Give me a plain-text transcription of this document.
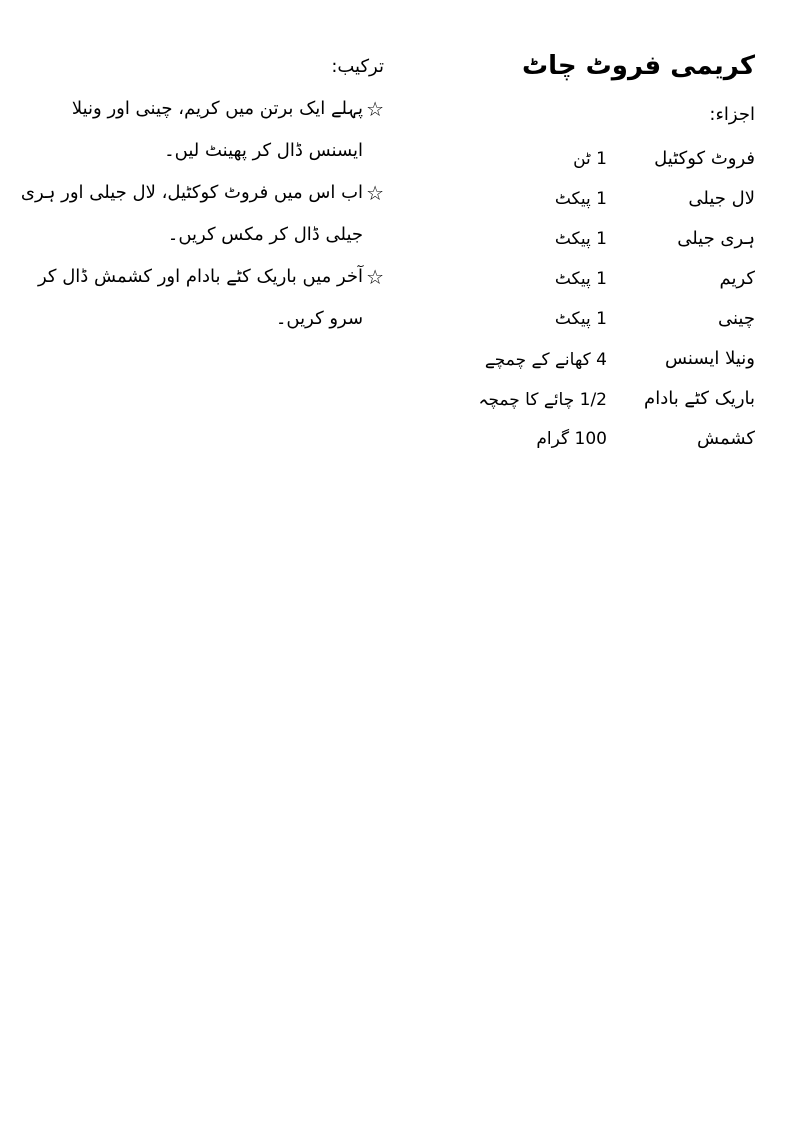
کریمی فروٹ چاٹ
اجزاء:
فروٹ کوکٹیل
1 ٹن
لال جیلی
1 پیکٹ
ہری جیلی
1 پیکٹ
کریم
1 پیکٹ
چینی
1 پیکٹ
ونیلا ایسنس
4 کھانے کے چمچے
باریک کٹے بادام
1/2 چائے کا چمچہ
کشمش
100 گرام
ترکیب:
☆
پہلے ایک برتن میں کریم، چینی اور ونیلا ایسنس ڈال کر پھینٹ لیں۔
☆
اب اس میں فروٹ کوکٹیل، لال جیلی اور ہری جیلی ڈال کر مکس کریں۔
☆
آخر میں باریک کٹے بادام اور کشمش ڈال کر سرو کریں۔
